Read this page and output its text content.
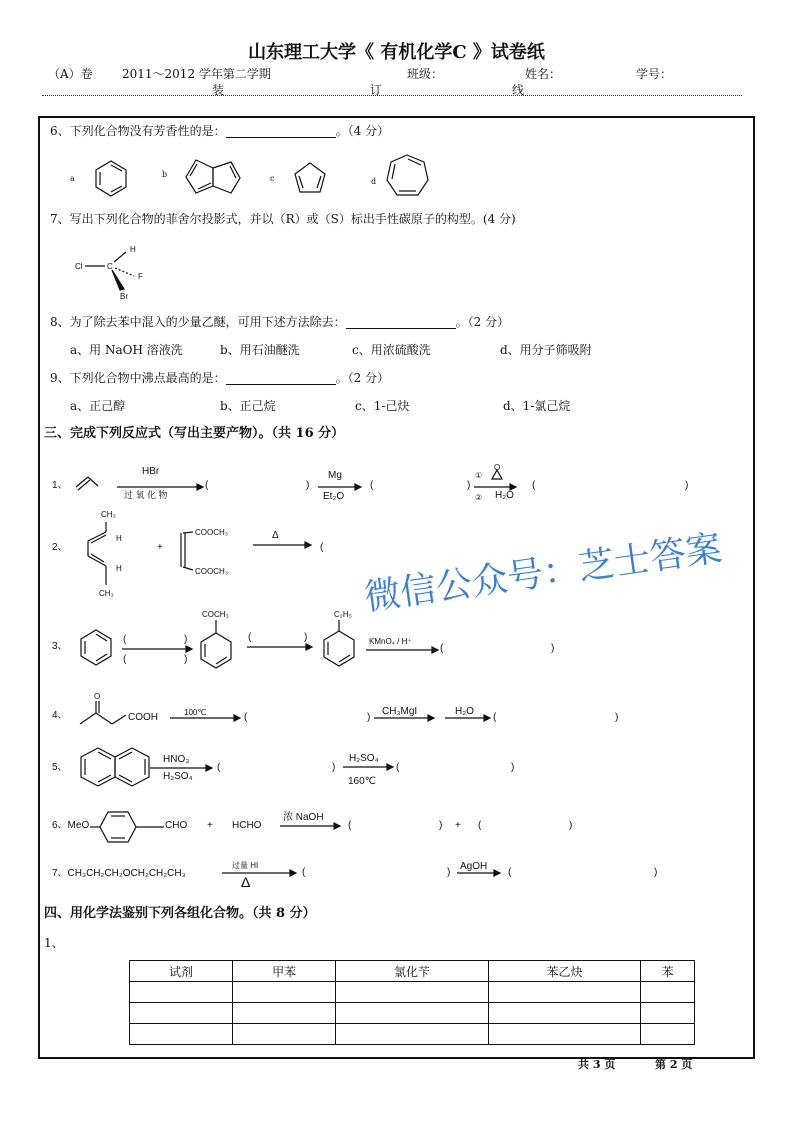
山东理工大学《 有机化学C 》试卷纸
（A）卷 2011～2012 学年第二学期	班级：	姓名：	学号：
装	订	线
6、下列化合物没有芳香性的是：	。（4 分）
a	b	c	d
7、写出下列化合物的菲舍尔投影式，并以（R）或（S）标出手性碳原子的构型。(4 分)
Cl	C
H
F
Br
8、为了除去苯中混入的少量乙醚，可用下述方法除去：	。（2 分）
a、用 NaOH 溶液洗	b、用石油醚洗	c、用浓硫酸洗	d、用分子筛吸附
9、下列化合物中沸点最高的是：	。（2 分）
a、正己醇	b、正己烷	c、1-己炔	d、1-氯己烷
三、完成下列反应式（写出主要产物）。（共 16 分）
1、
HBr
过 氧 化 物
(	)
Mg
Et₂O
(	)
①
O
② H₂O
(	)
2、
CH₃
H
H
CH₃
+
COOCH₃
COOCH₃
Δ
(
3、
(	)
(	)
COCH₃
(	)
C₂H₅
KMnO₄ / H⁺
(	)
4、
O
COOH	100℃	(	)
CH₃MgI	H₂O
(	)
5、
HNO₃
H₂SO₄
(	)
H₂SO₄
160℃
(	)
6、MeO	CHO + HCHO
浓 NaOH
(	) + (	)
7、CH₃CH₂CH₂OCH₂CH₂CH₃
过量 HI
Δ
(	)
AgOH
(	)
四、用化学法鉴别下列各组化合物。（共 8 分）
1、
试剂	甲苯	氯化苄	苯乙炔	苯

共 3 页	第 2 页
微信公众号：芝士答案
